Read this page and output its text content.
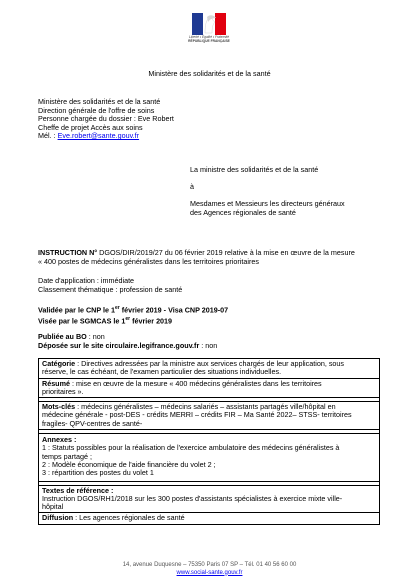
Liberté • Égalité • Fraternité
RÉPUBLIQUE FRANÇAISE
Ministère des solidarités et de la santé
Ministère des solidarités et de la santé
Direction générale de l'offre de soins
Personne chargée du dossier : Eve Robert
Cheffe de projet Accès aux soins
Mél. : Eve.robert@sante.gouv.fr
La ministre des solidarités et de la santé
à
Mesdames et Messieurs les directeurs généraux
des Agences régionales de santé
INSTRUCTION N° DGOS/DIR/2019/27 du 06 février 2019 relative à la mise en œuvre de la mesure
« 400 postes de médecins généralistes dans les territoires prioritaires
Date d'application : immédiate
Classement thématique : profession de santé
Validée par le CNP le 1er février 2019 - Visa CNP 2019-07
Visée par le SGMCAS le 1er février 2019
Publiée au BO : non
Déposée sur le site circulaire.legifrance.gouv.fr : non
Catégorie : Directives adressées par la ministre aux services chargés de leur application, sous
réserve, le cas échéant, de l'examen particulier des situations individuelles.
Résumé : mise en œuvre de la mesure « 400 médecins généralistes dans les territoires
prioritaires ».
Mots-clés : médecins généralistes – médecins salariés – assistants partagés ville/hôpital en
médecine générale - post-DES - crédits MERRI – crédits FIR – Ma Santé 2022– STSS- territoires
fragiles- QPV-centres de santé-
Annexes :
1 : Statuts possibles pour la réalisation de l'exercice ambulatoire des médecins généralistes à
temps partagé ;
2 : Modèle économique de l'aide financière du volet 2 ;
3 : répartition des postes du volet 1
Textes de référence :
Instruction DGOS/RH1/2018 sur les 300 postes d'assistants spécialistes à exercice mixte ville-
hôpital
Diffusion : Les agences régionales de santé
14, avenue Duquesne – 75350 Paris 07 SP – Tél. 01 40 56 60 00
www.social-sante.gouv.fr
